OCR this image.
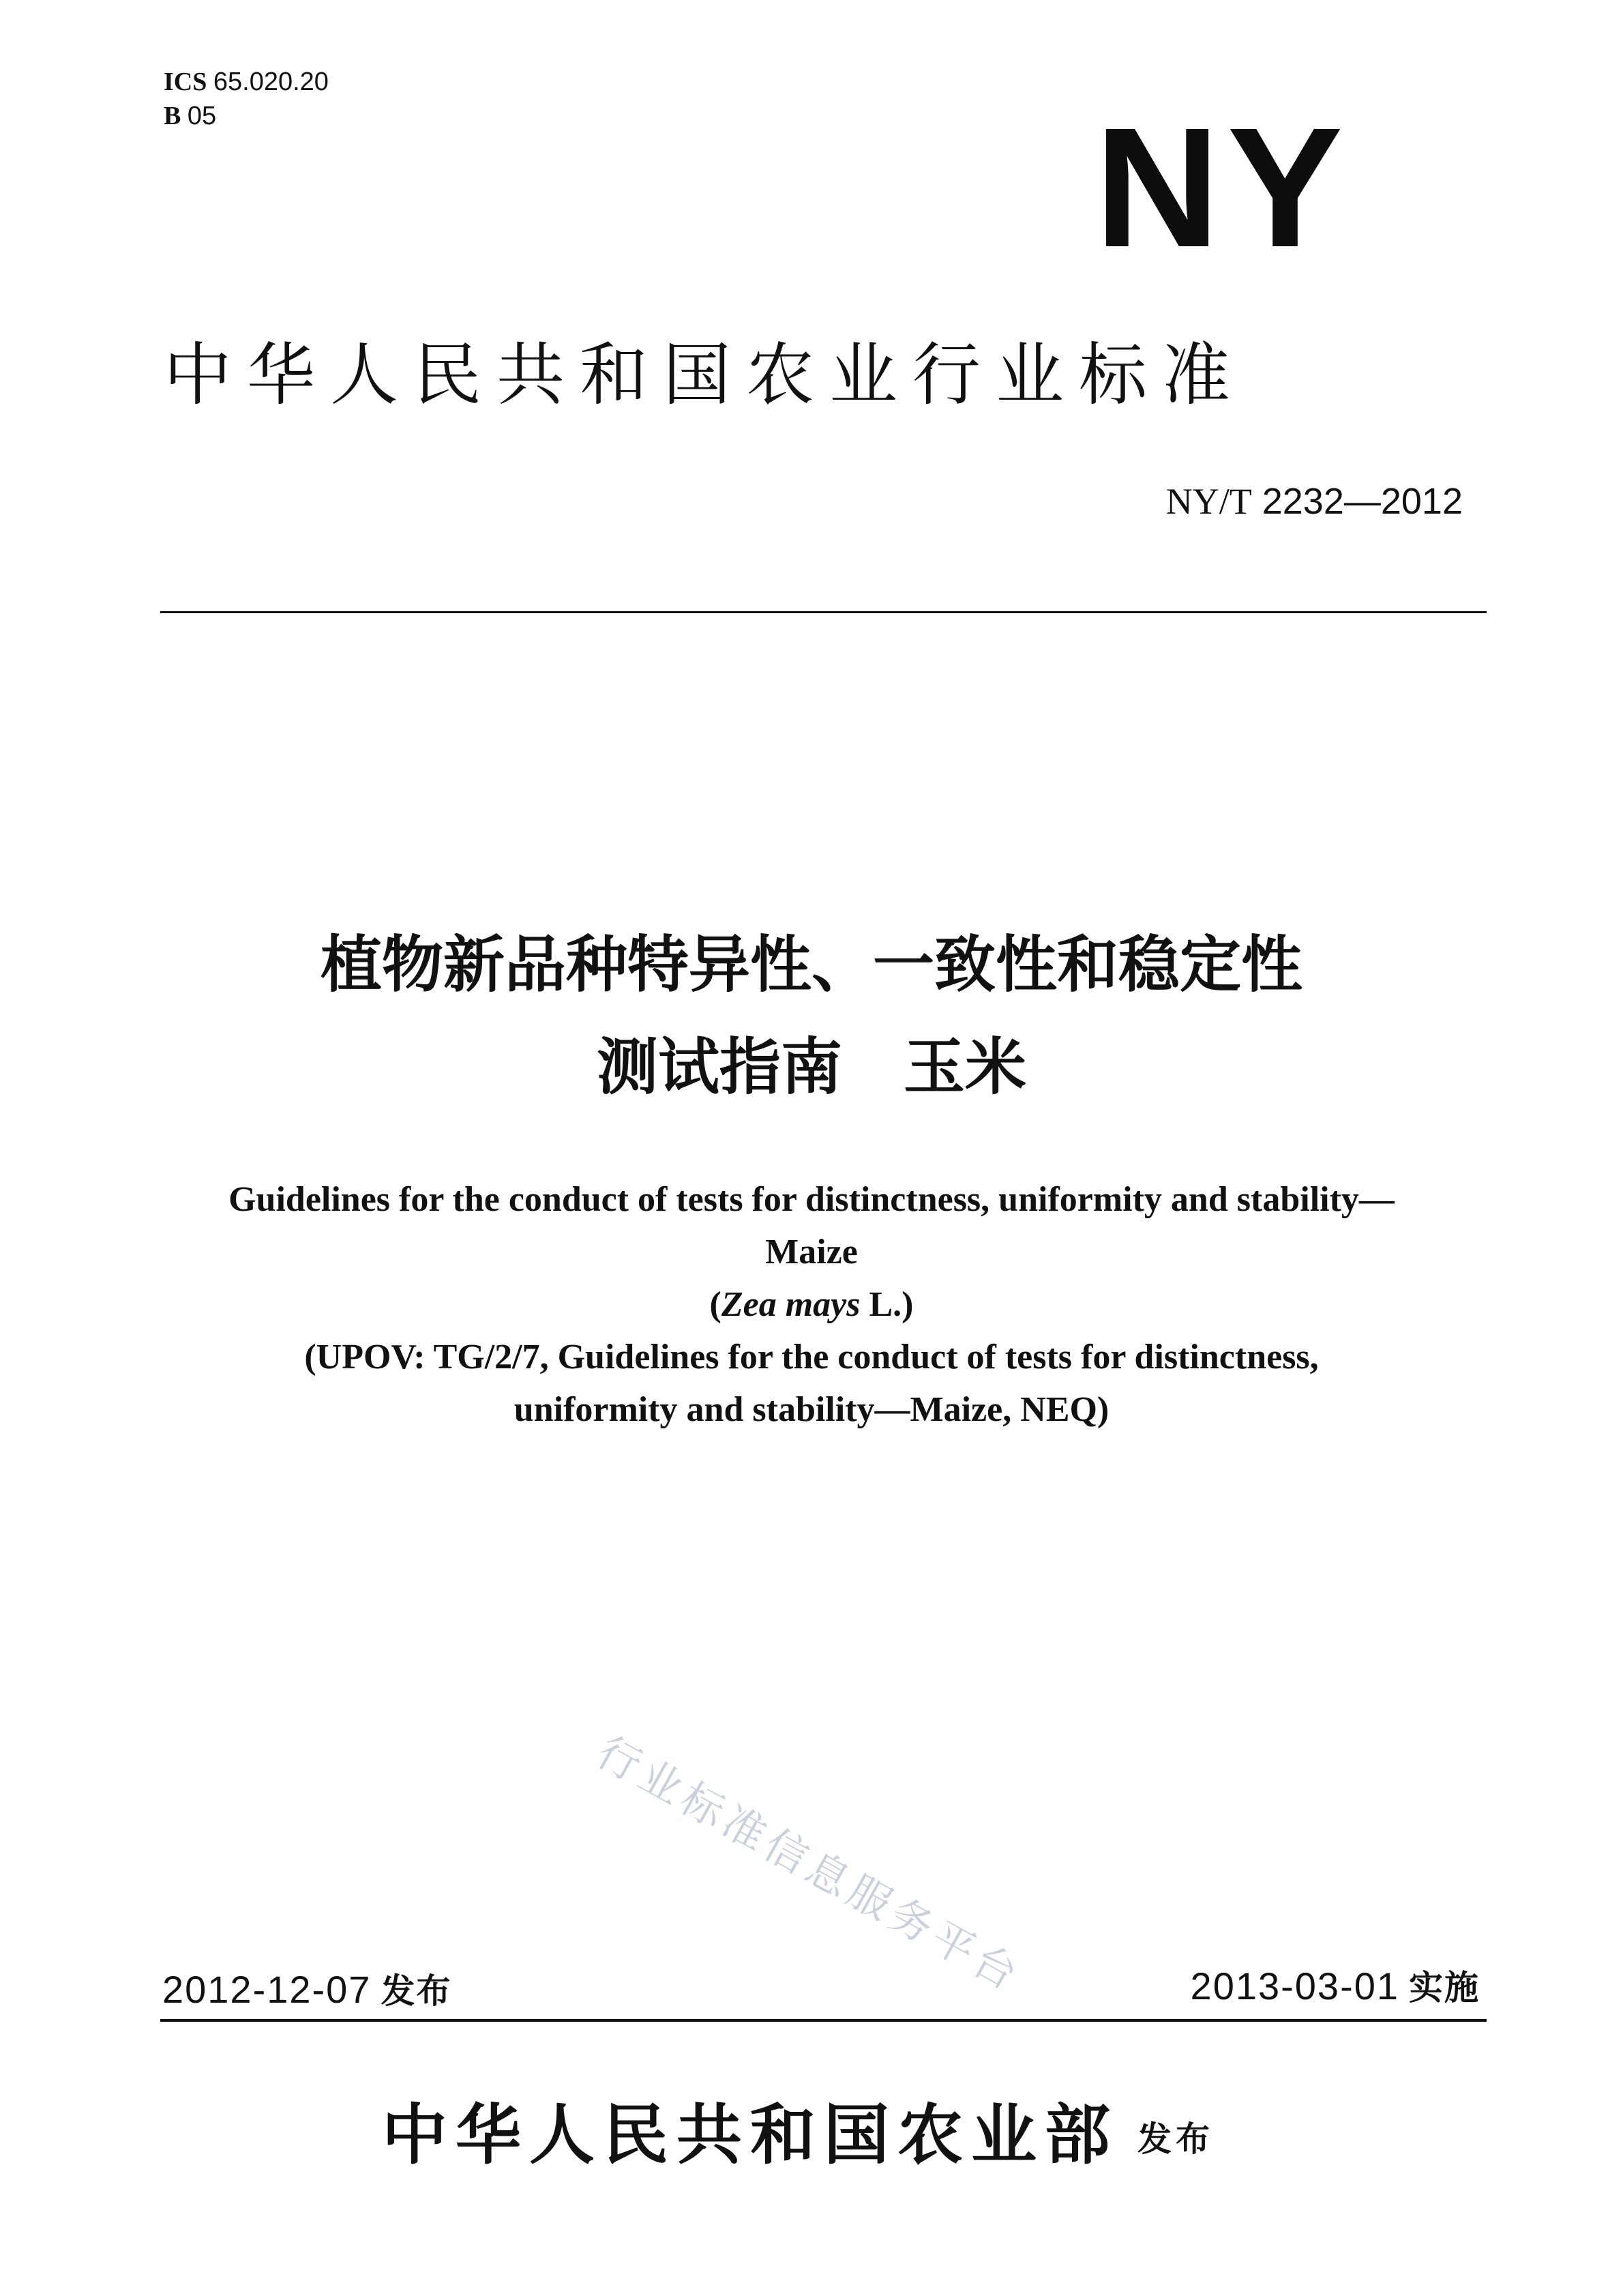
ICS 65.020.20
B 05	NY
中华人民共和国农业行业标准
NY/T 2232—2012
植物新品种特异性、一致性和稳定性
测试指南　玉米
Guidelines for the conduct of tests for distinctness, uniformity and stability—
Maize
(Zea mays L.)
(UPOV: TG/2/7, Guidelines for the conduct of tests for distinctness,
uniformity and stability—Maize, NEQ)
行业标准信息服务平台
2012-12-07 发布	2013-03-01 实施
中华人民共和国农业部 发布
